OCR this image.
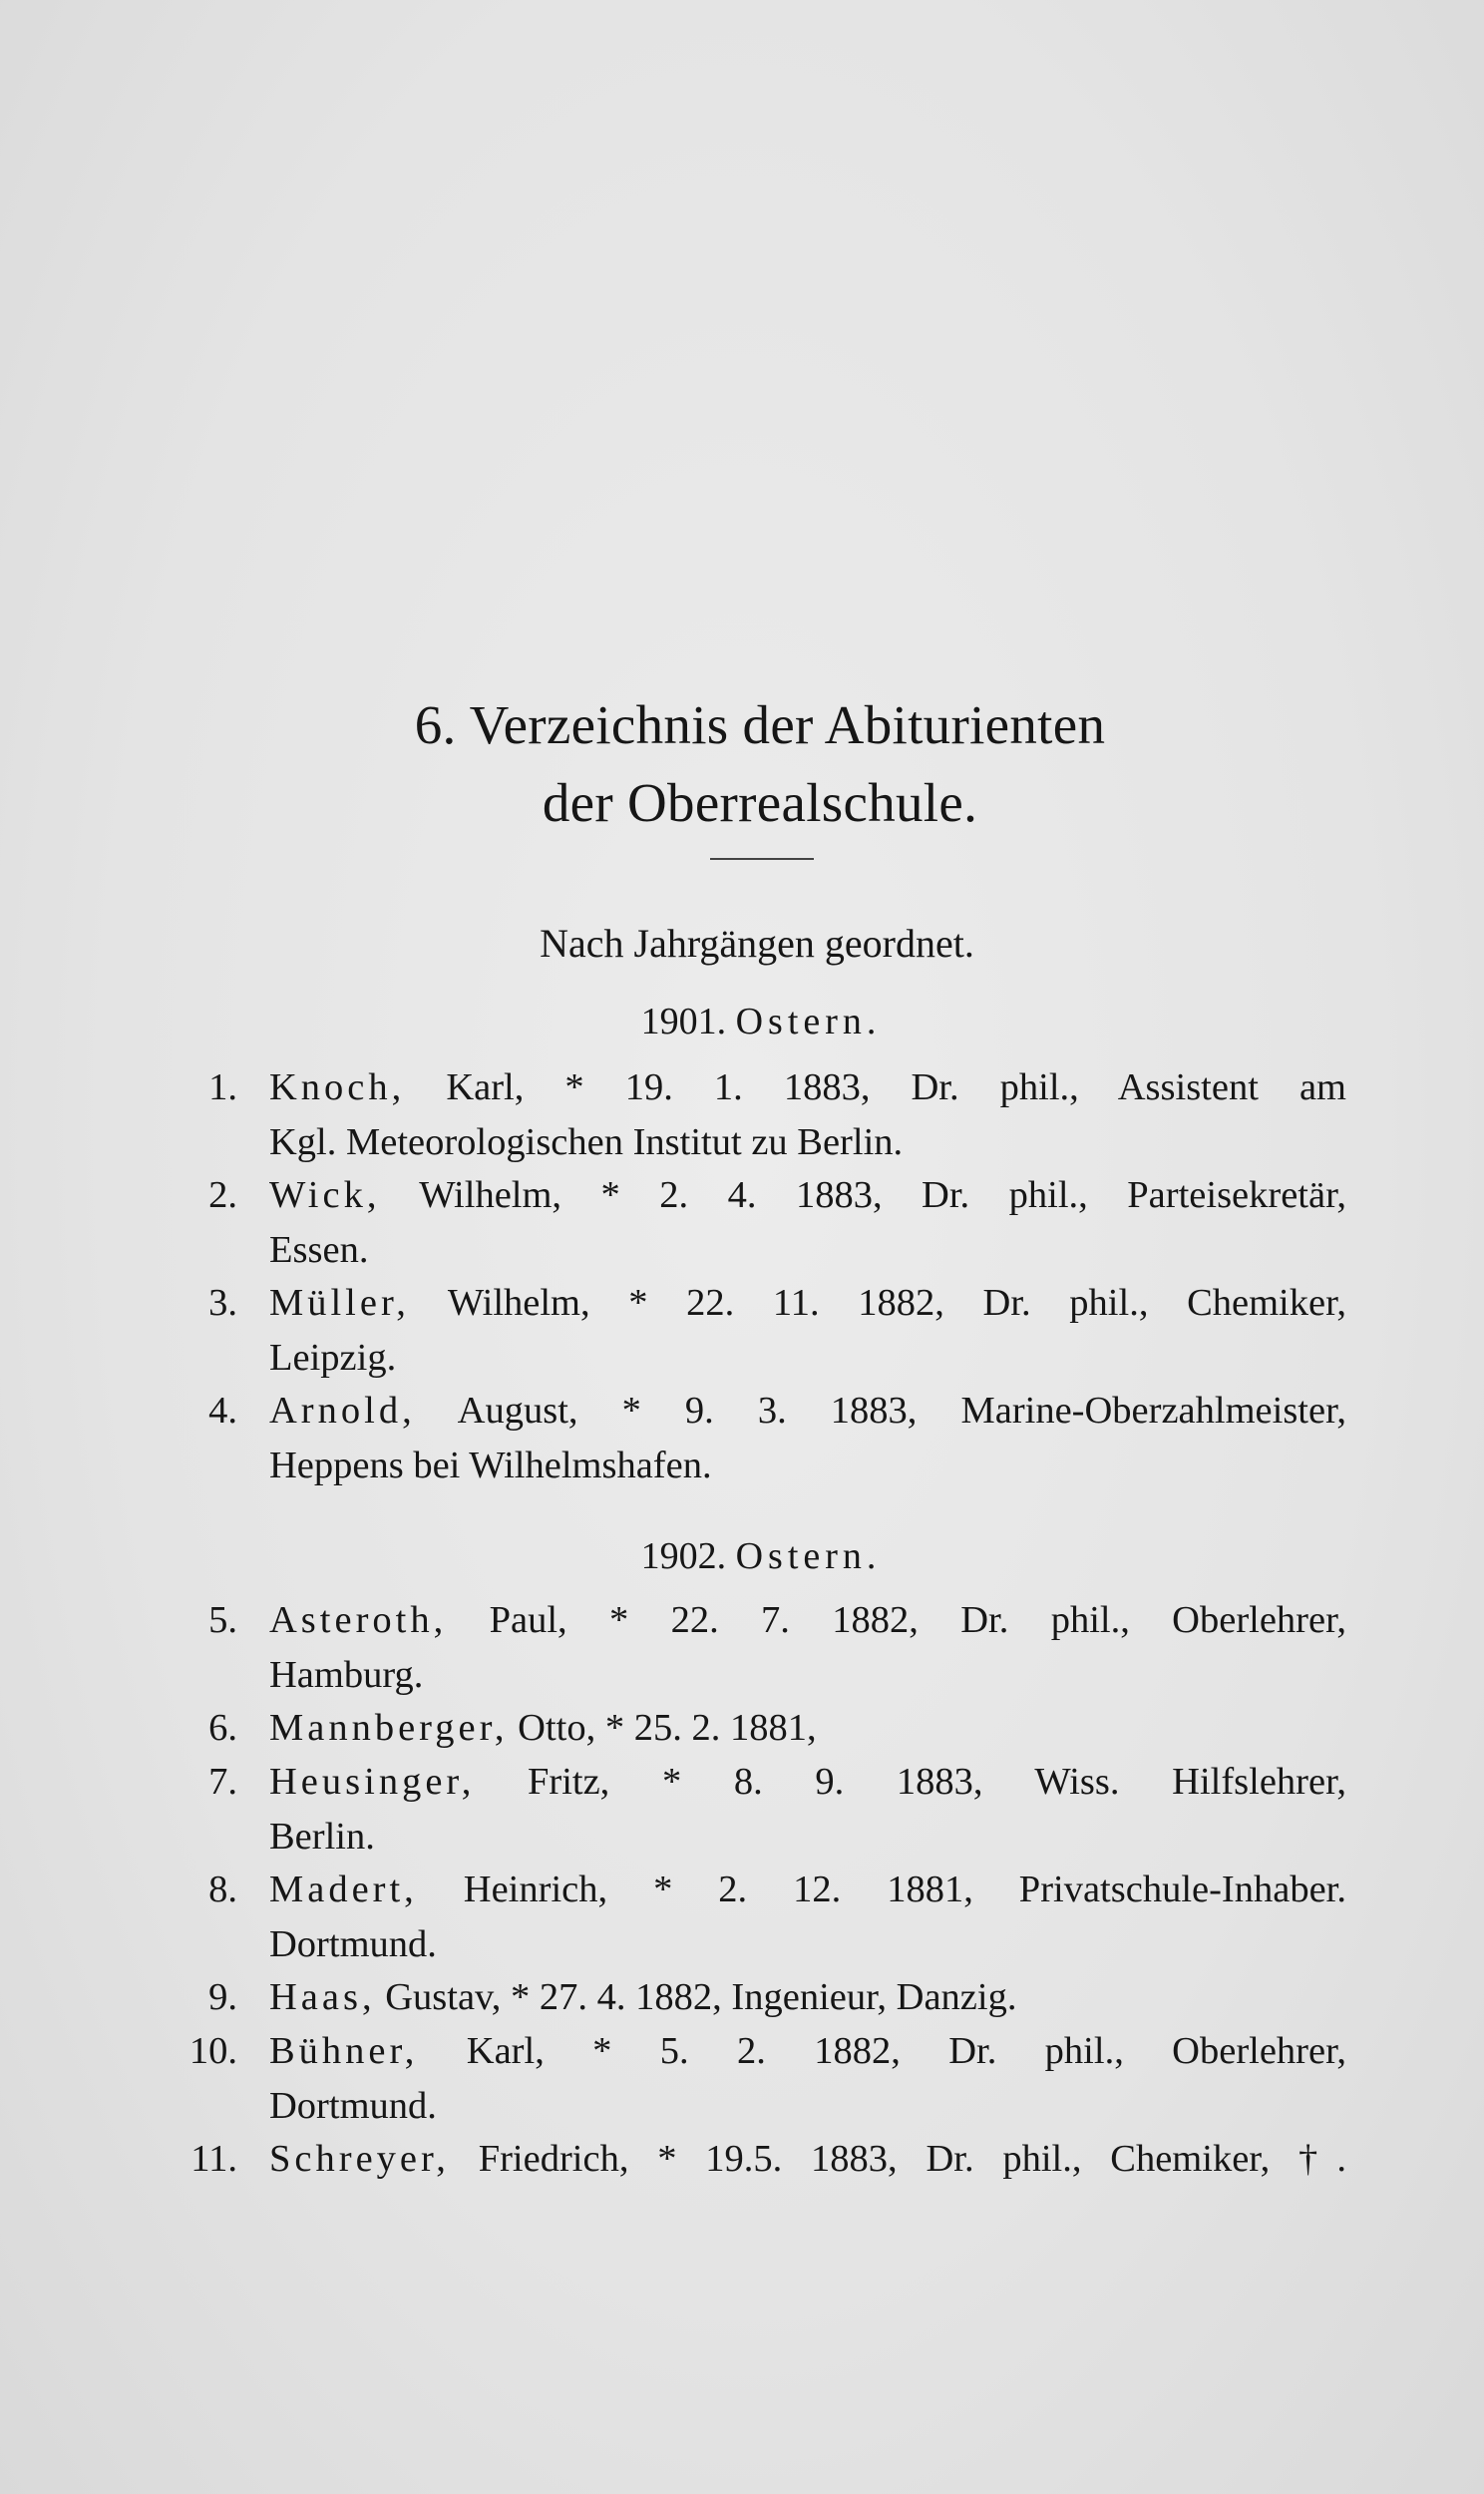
6. Verzeichnis der Abiturienten
der Oberrealschule.
Nach Jahrgängen geordnet.
1901. Ostern.
1. Knoch, Karl, * 19. 1. 1883, Dr. phil., Assistent am
Kgl. Meteorologischen Institut zu Berlin.
2. Wick, Wilhelm, * 2. 4. 1883, Dr. phil., Parteisekretär,
Essen.
3. Müller, Wilhelm, * 22. 11. 1882, Dr. phil., Chemiker,
Leipzig.
4. Arnold, August, * 9. 3. 1883, Marine-Oberzahlmeister,
Heppens bei Wilhelmshafen.
1902. Ostern.
5. Asteroth, Paul, * 22. 7. 1882, Dr. phil., Oberlehrer,
Hamburg.
6. Mannberger, Otto, * 25. 2. 1881,
7. Heusinger, Fritz, * 8. 9. 1883, Wiss. Hilfslehrer,
Berlin.
8. Madert, Heinrich, * 2. 12. 1881, Privatschule-Inhaber.
Dortmund.
9. Haas, Gustav, * 27. 4. 1882, Ingenieur, Danzig.
10. Bühner, Karl, * 5. 2. 1882, Dr. phil., Oberlehrer,
Dortmund.
11. Schreyer, Friedrich, * 19.5. 1883, Dr. phil., Chemiker, †.
